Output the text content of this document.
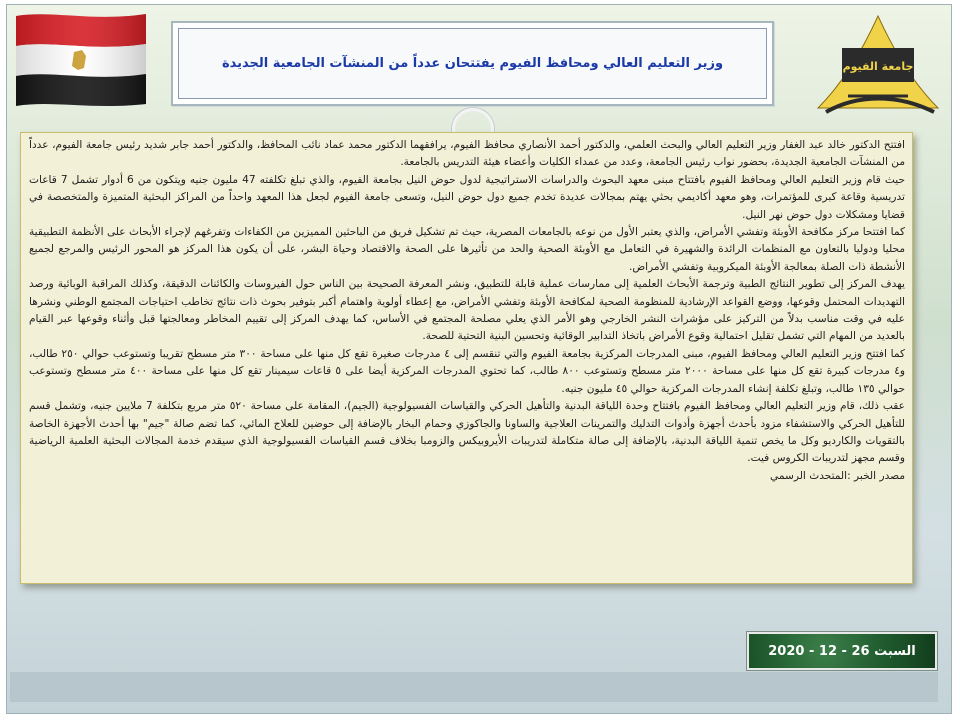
جامعة الفيوم
وزير التعليم العالي ومحافظ الفيوم يفتتحان عدداً من المنشآت الجامعية الجديدة

افتتح الدكتور خالد عبد الغفار وزير التعليم العالي والبحث العلمي، والدكتور أحمد الأنصاري محافظ الفيوم، يرافقهما الدكتور محمد عماد نائب المحافظ، والدكتور أحمد جابر شديد رئيس جامعة الفيوم، عدداً من المنشآت الجامعية الجديدة، بحضور نواب رئيس الجامعة، وعدد من عمداء الكليات وأعضاء هيئة التدريس بالجامعة.

حيث قام وزير التعليم العالي ومحافظ الفيوم بافتتاح مبنى معهد البحوث والدراسات الاستراتيجية لدول حوض النيل بجامعة الفيوم، والذي تبلغ تكلفته 47 مليون جنيه ويتكون من 6 أدوار تشمل 7 قاعات تدريسية وقاعة كبرى للمؤتمرات، وهو معهد أكاديمي بحثي يهتم بمجالات عديدة تخدم جميع دول حوض النيل، وتسعى جامعة الفيوم لجعل هذا المعهد واحداً من المراكز البحثية المتميزة والمتخصصة في قضايا ومشكلات دول حوض نهر النيل.

كما افتتحا مركز مكافحة الأوبئة وتفشي الأمراض، والذي يعتبر الأول من نوعه بالجامعات المصرية، حيث تم تشكيل فريق من الباحثين المميزين من الكفاءات وتفرغهم لإجراء الأبحاث على الأنظمة التطبيقية محليا ودوليا بالتعاون مع المنظمات الرائدة والشهيرة في التعامل مع الأوبئة الصحية والحد من تأثيرها على الصحة والاقتصاد وحياة البشر، على أن يكون هذا المركز هو المحور الرئيس والمرجع لجميع الأنشطة ذات الصلة بمعالجة الأوبئة الميكروبية وتفشي الأمراض.

يهدف المركز إلى تطوير النتائج الطبية وترجمة الأبحاث العلمية إلى ممارسات عملية قابلة للتطبيق، ونشر المعرفة الصحيحة بين الناس حول الفيروسات والكائنات الدقيقة، وكذلك المراقبة الوبائية ورصد التهديدات المحتمل وقوعها، ووضع القواعد الإرشادية للمنظومة الصحية لمكافحة الأوبئة وتفشي الأمراض، مع إعطاء أولوية واهتمام أكبر بتوفير بحوث ذات نتائج تخاطب احتياجات المجتمع الوطني ونشرها عليه في وقت مناسب بدلاً من التركيز على مؤشرات النشر الخارجي وهو الأمر الذي يعلي مصلحة المجتمع في الأساس، كما يهدف المركز إلى تقييم المخاطر ومعالجتها قبل وأثناء وقوعها عبر القيام بالعديد من المهام التي تشمل تقليل احتمالية وقوع الأمراض باتخاذ التدابير الوقائية وتحسين البنية التحتية للصحة.

كما افتتح وزير التعليم العالي ومحافظ الفيوم، مبنى المدرجات المركزية بجامعة الفيوم والتي تنقسم إلى ٤ مدرجات صغيرة تقع كل منها على مساحة ٣٠٠ متر مسطح تقريبا وتستوعب حوالي ٢٥٠ طالب، و٤ مدرجات كبيرة تقع كل منها على مساحة ٢٠٠٠ متر مسطح وتستوعب ٨٠٠ طالب، كما تحتوي المدرجات المركزية أيضا على ٥ قاعات سيمينار تقع كل منها على مساحة ٤٠٠ متر مسطح وتستوعب حوالي ١٣٥ طالب، وتبلغ تكلفة إنشاء المدرجات المركزية حوالي ٤٥ مليون جنيه.

عقب ذلك، قام وزير التعليم العالي ومحافظ الفيوم بافتتاح وحدة اللياقة البدنية والتأهيل الحركي والقياسات الفسيولوجية (الجيم)، المقامة على مساحة ٥٢٠ متر مربع بتكلفة 7 ملايين جنيه، وتشمل قسم للتأهيل الحركي والاستشفاء مزود بأحدث أجهزة وأدوات التدليك والتمرينات العلاجية والساونا والجاكوزي وحمام البخار بالإضافة إلى حوضين للعلاج المائي، كما تضم صالة "جيم" بها أحدث الأجهزة الخاصة بالتقويات والكارديو وكل ما يخص تنمية اللياقة البدنية، بالإضافة إلى صالة متكاملة لتدريبات الأيروبيكس والزومبا بخلاف قسم القياسات الفسيولوجية الذي سيقدم خدمة المجالات البحثية العلمية الرياضية وقسم مجهز لتدريبات الكروس فيت.

مصدر الخبر :المتحدث الرسمي

السبت 26 - 12 - 2020
